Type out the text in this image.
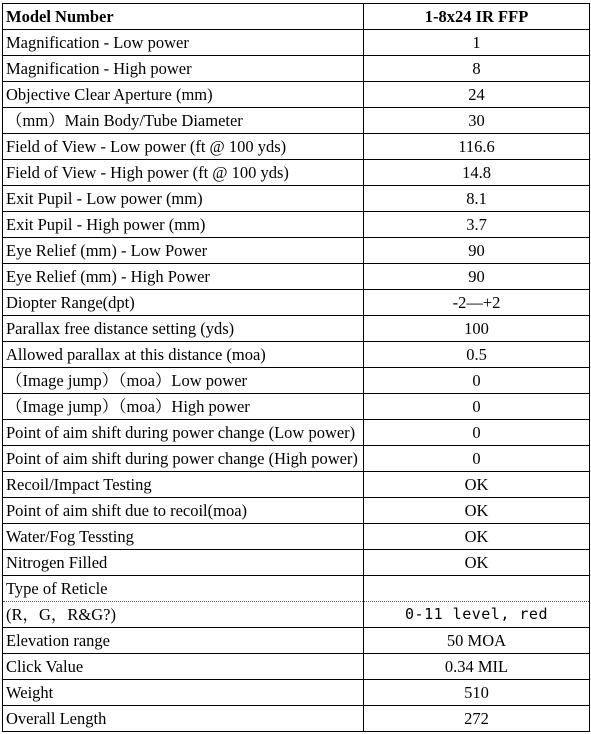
Model Number	1-8x24 IR FFP
Magnification - Low power	1
Magnification - High power	8
Objective Clear Aperture (mm)	24
（mm）Main Body/Tube Diameter	30
Field of View - Low power (ft @ 100 yds)	116.6
Field of View - High power (ft @ 100 yds)	14.8
Exit Pupil - Low power (mm)	8.1
Exit Pupil - High power (mm)	3.7
Eye Relief (mm) - Low Power	90
Eye Relief (mm) - High Power	90
Diopter Range(dpt)	-2—+2
Parallax free distance setting (yds)	100
Allowed parallax at this distance (moa)	0.5
（Image jump）（moa）Low power	0
（Image jump）（moa）High power	0
Point of aim shift during power change (Low power)	0
Point of aim shift during power change (High power)	0
Recoil/Impact Testing	OK
Point of aim shift due to recoil(moa)	OK
Water/Fog Tessting	OK
Nitrogen Filled	OK
Type of Reticle	
(R，G，R&G?)	0-11 level, red
Elevation range	50 MOA
Click Value	0.34 MIL
Weight	510
Overall Length	272
